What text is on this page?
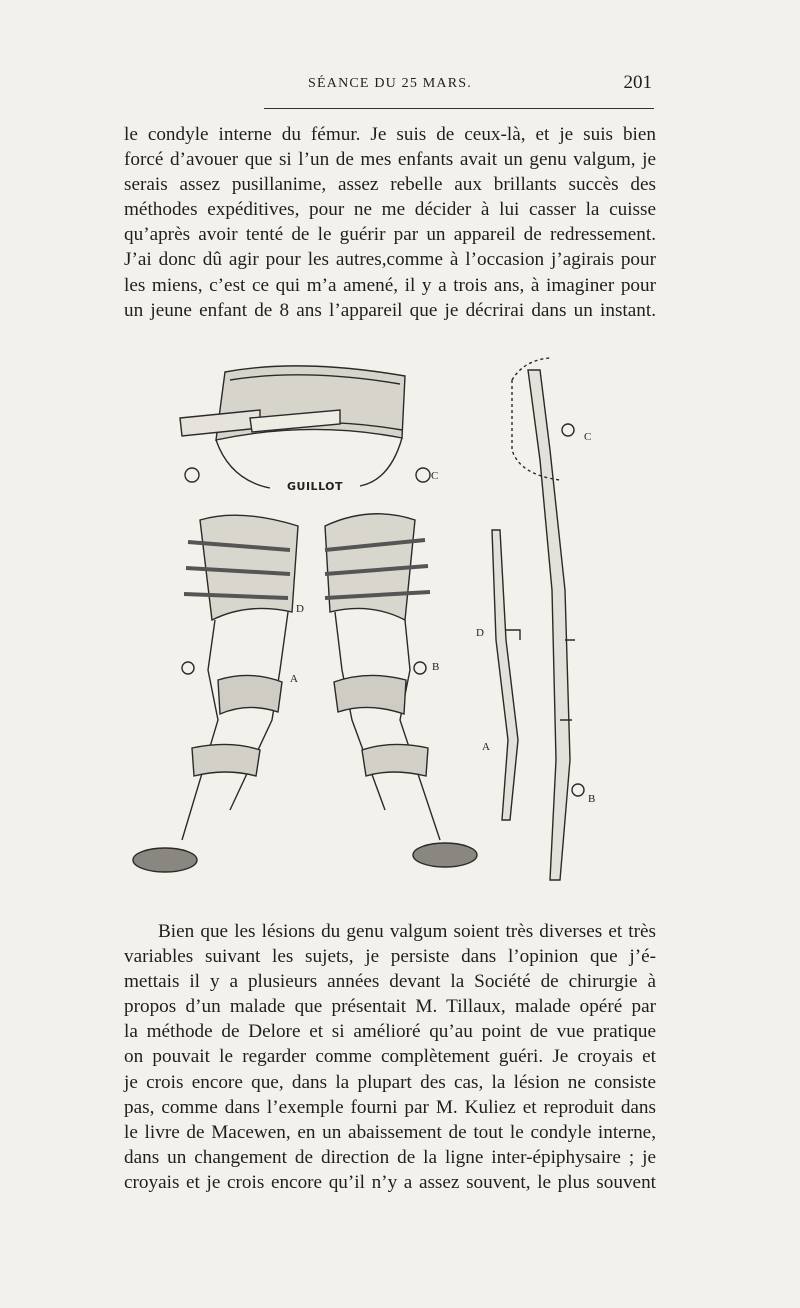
SÉANCE DU 25 MARS.	201
le condyle interne du fémur. Je suis de ceux-là, et je suis bien
forcé d’avouer que si l’un de mes enfants avait un genu valgum, je
serais assez pusillanime, assez rebelle aux brillants succès des
méthodes expéditives, pour ne me décider à lui casser la cuisse
qu’après avoir tenté de le guérir par un appareil de redressement.
J’ai donc dû agir pour les autres,comme à l’occasion j’agirais pour
les miens, c’est ce qui m’a amené, il y a trois ans, à imaginer pour
un jeune enfant de 8 ans l’appareil que je décrirai dans un instant.
GUILLOT
C
C
D
A
B
D
A
B
Bien que les lésions du genu valgum soient très diverses et très
variables suivant les sujets, je persiste dans l’opinion que j’é-
mettais il y a plusieurs années devant la Société de chirurgie à
propos d’un malade que présentait M. Tillaux, malade opéré par
la méthode de Delore et si amélioré qu’au point de vue pratique
on pouvait le regarder comme complètement guéri. Je croyais et
je crois encore que, dans la plupart des cas, la lésion ne consiste
pas, comme dans l’exemple fourni par M. Kuliez et reproduit dans
le livre de Macewen, en un abaissement de tout le condyle interne,
dans un changement de direction de la ligne inter-épiphysaire ; je
croyais et je crois encore qu’il n’y a assez souvent, le plus souvent
